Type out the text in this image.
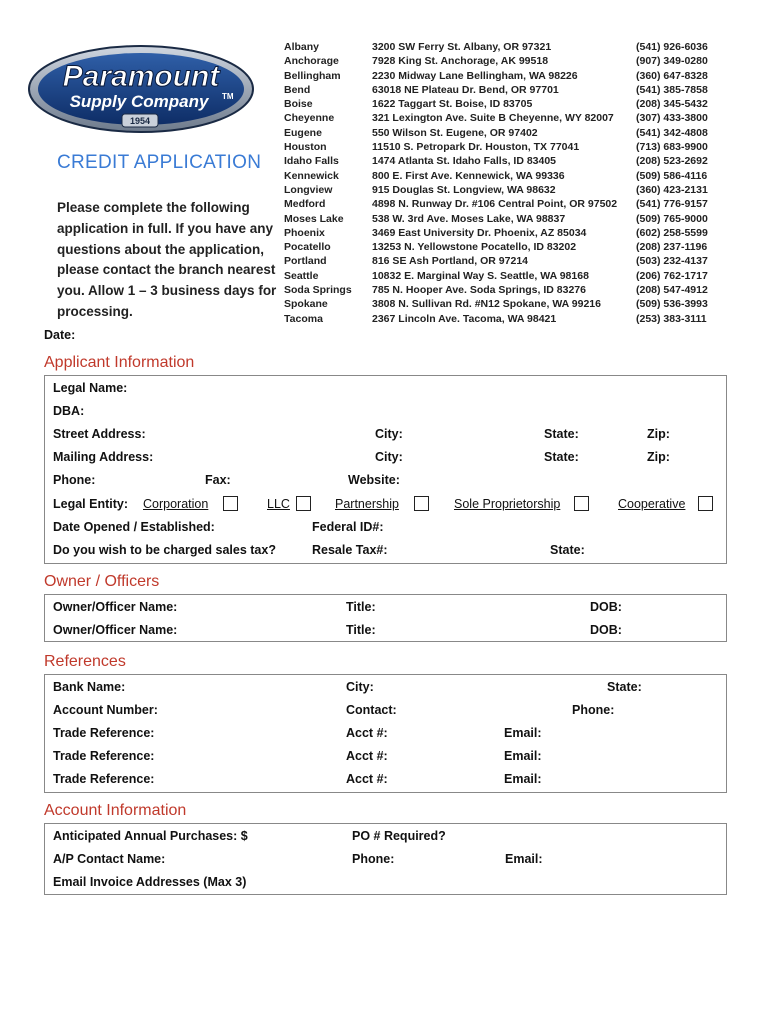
Paramount
Supply Company TM
1954
CREDIT APPLICATION
Please complete the following application in full. If you have any questions about the application, please contact the branch nearest you. Allow 1 – 3 business days for processing.
Date:
Albany	3200 SW Ferry St. Albany, OR 97321	(541) 926-6036
Anchorage	7928 King St. Anchorage, AK 99518	(907) 349-0280
Bellingham	2230 Midway Lane Bellingham, WA 98226	(360) 647-8328
Bend	63018 NE Plateau Dr. Bend, OR 97701	(541) 385-7858
Boise	1622 Taggart St. Boise, ID 83705	(208) 345-5432
Cheyenne	321 Lexington Ave. Suite B Cheyenne, WY 82007 (307) 433-3800
Eugene	550 Wilson St. Eugene, OR 97402	(541) 342-4808
Houston	11510 S. Petropark Dr. Houston, TX 77041	(713) 683-9900
Idaho Falls	1474 Atlanta St. Idaho Falls, ID 83405	(208) 523-2692
Kennewick	800 E. First Ave. Kennewick, WA 99336	(509) 586-4116
Longview	915 Douglas St. Longview, WA 98632	(360) 423-2131
Medford	4898 N. Runway Dr. #106 Central Point, OR 97502 (541) 776-9157
Moses Lake	538 W. 3rd Ave. Moses Lake, WA 98837	(509) 765-9000
Phoenix	3469 East University Dr. Phoenix, AZ 85034	(602) 258-5599
Pocatello	13253 N. Yellowstone Pocatello, ID 83202	(208) 237-1196
Portland	816 SE Ash Portland, OR 97214	(503) 232-4137
Seattle	10832 E. Marginal Way S. Seattle, WA 98168	(206) 762-1717
Soda Springs 785 N. Hooper Ave. Soda Springs, ID 83276	(208) 547-4912
Spokane	3808 N. Sullivan Rd. #N12 Spokane, WA 99216	(509) 536-3993
Tacoma	2367 Lincoln Ave. Tacoma, WA 98421	(253) 383-3111
Applicant Information
Legal Name:
DBA:
Street Address:	City:	State:	Zip:
Mailing Address:	City:	State:	Zip:
Phone:	Fax:	Website:
Legal Entity: Corporation	LLC	Partnership	Sole Proprietorship	Cooperative
Date Opened / Established:	Federal ID#:
Do you wish to be charged sales tax?	Resale Tax#:	State:
Owner / Officers
Owner/Officer Name:	Title:	DOB:
Owner/Officer Name:	Title:	DOB:
References
Bank Name:	City:	State:
Account Number:	Contact:	Phone:
Trade Reference:	Acct #:	Email:
Trade Reference:	Acct #:	Email:
Trade Reference:	Acct #:	Email:
Account Information
Anticipated Annual Purchases: $	PO # Required?
A/P Contact Name:	Phone:	Email:
Email Invoice Addresses (Max 3)
